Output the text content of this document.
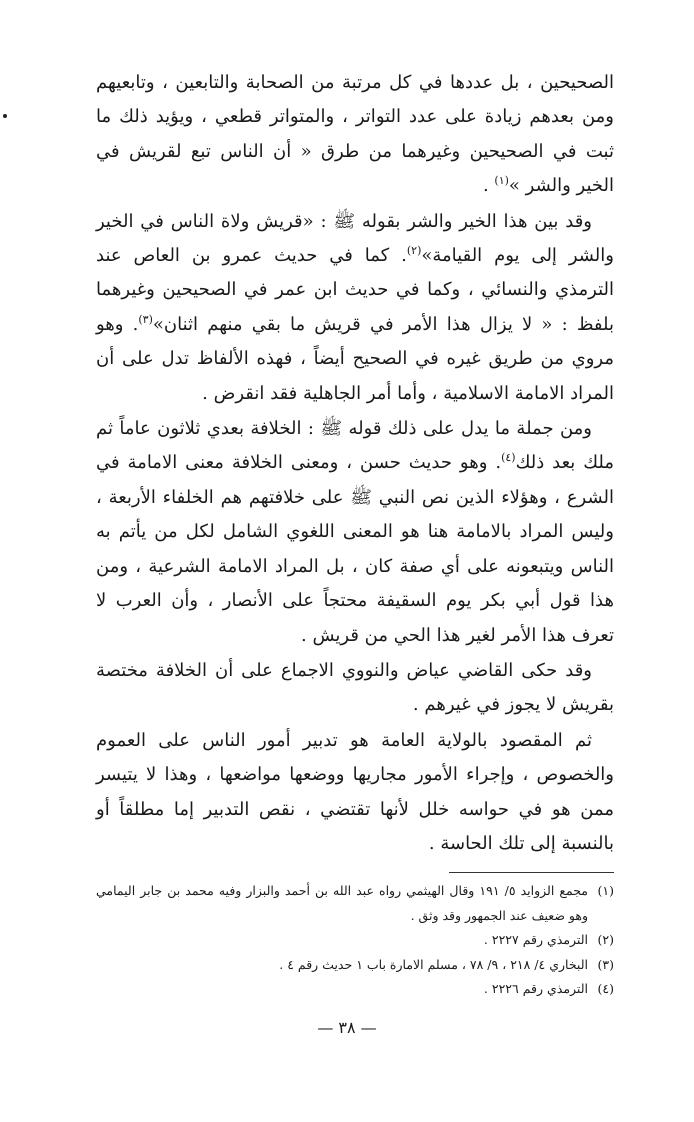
الصحيحين ، بل عددها في كل مرتبة من الصحابة والتابعين ، وتابعيهم ومن بعدهم زيادة على عدد التواتر ، والمتواتر قطعي ، ويؤيد ذلك ما ثبت في الصحيحين وغيرهما من طرق « أن الناس تبع لقريش في الخير والشر »$^{(١)}$ .

وقد بين هذا الخير والشر بقوله ﷺ : «قريش ولاة الناس في الخير والشر إلى يوم القيامة»$^{(٢)}$. كما في حديث عمرو بن العاص عند الترمذي والنسائي ، وكما في حديث ابن عمر في الصحيحين وغيرهما بلفظ : « لا يزال هذا الأمر في قريش ما بقي منهم اثنان»$^{(٣)}$. وهو مروي من طريق غيره في الصحيح أيضاً ، فهذه الألفاظ تدل على أن المراد الامامة الاسلامية ، وأما أمر الجاهلية فقد انقرض .

ومن جملة ما يدل على ذلك قوله ﷺ : الخلافة بعدي ثلاثون عاماً ثم ملك بعد ذلك$^{(٤)}$. وهو حديث حسن ، ومعنى الخلافة معنى الامامة في الشرع ، وهؤلاء الذين نص النبي ﷺ على خلافتهم هم الخلفاء الأربعة ، وليس المراد بالامامة هنا هو المعنى اللغوي الشامل لكل من يأتم به الناس ويتبعونه على أي صفة كان ، بل المراد الامامة الشرعية ، ومن هذا قول أبي بكر يوم السقيفة محتجاً على الأنصار ، وأن العرب لا تعرف هذا الأمر لغير هذا الحي من قريش .

وقد حكى القاضي عياض والنووي الاجماع على أن الخلافة مختصة بقريش لا يجوز في غيرهم .

ثم المقصود بالولاية العامة هو تدبير أمور الناس على العموم والخصوص ، وإجراء الأمور مجاريها ووضعها مواضعها ، وهذا لا يتيسر ممن هو في حواسه خلل لأنها تقتضي ، نقص التدبير إما مطلقاً أو بالنسبة إلى تلك الحاسة .

(١)
مجمع الزوايد ٥/ ١٩١ وقال الهيثمي رواه عبد الله بن أحمد والبزار وفيه محمد بن جابر اليمامي وهو ضعيف عند الجمهور وقد وثق .
(٢)
الترمذي رقم ٢٢٢٧ .
(٣)
البخاري ٤/ ٢١٨ ، ٩/ ٧٨ ، مسلم الامارة باب ١ حديث رقم ٤ .
(٤)
الترمذي رقم ٢٢٢٦ .
— ٣٨ —
